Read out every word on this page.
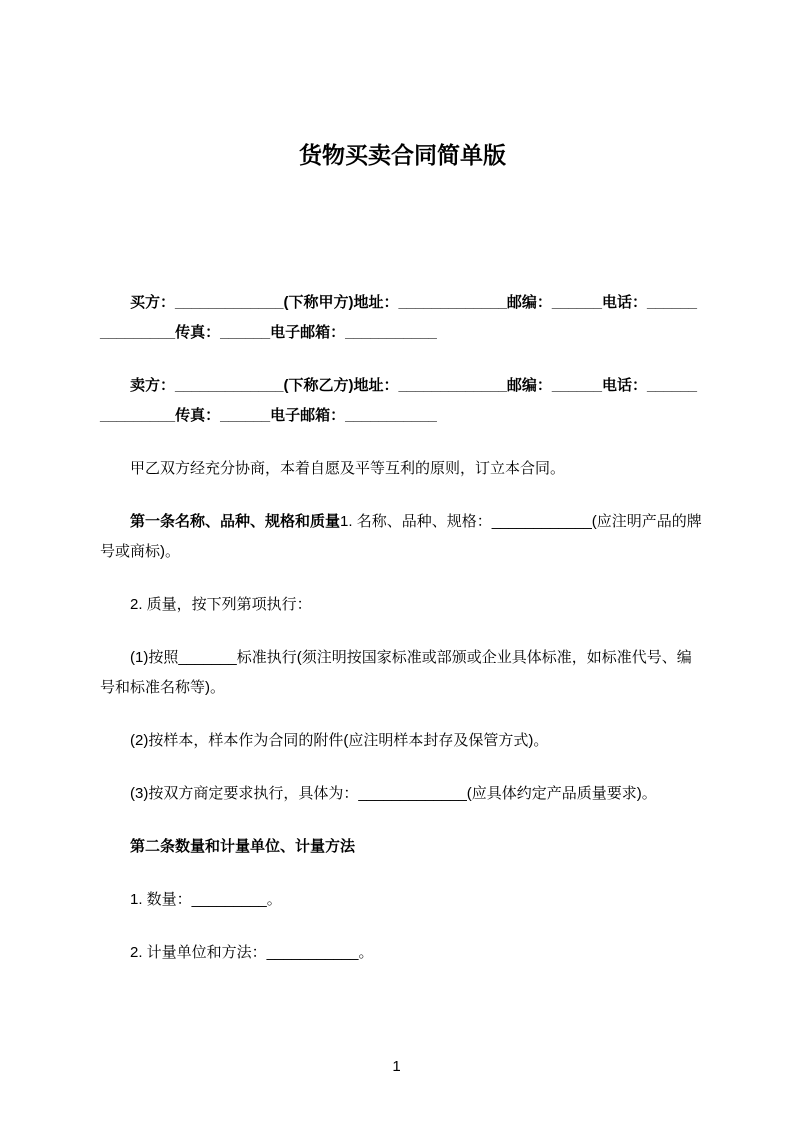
货物买卖合同简单版

买方：_____________(下称甲方)地址：_____________邮编：______电话：_______________传真：______电子邮箱：___________

卖方：_____________(下称乙方)地址：_____________邮编：______电话：_______________传真：______电子邮箱：___________

甲乙双方经充分协商，本着自愿及平等互利的原则，订立本合同。

第一条名称、品种、规格和质量1. 名称、品种、规格：____________(应注明产品的牌号或商标)。

2. 质量，按下列第项执行：

(1)按照_______标准执行(须注明按国家标准或部颁或企业具体标准，如标准代号、编号和标准名称等)。

(2)按样本，样本作为合同的附件(应注明样本封存及保管方式)。

(3)按双方商定要求执行，具体为：_____________(应具体约定产品质量要求)。

第二条数量和计量单位、计量方法

1. 数量：_________。

2. 计量单位和方法：___________。

1
